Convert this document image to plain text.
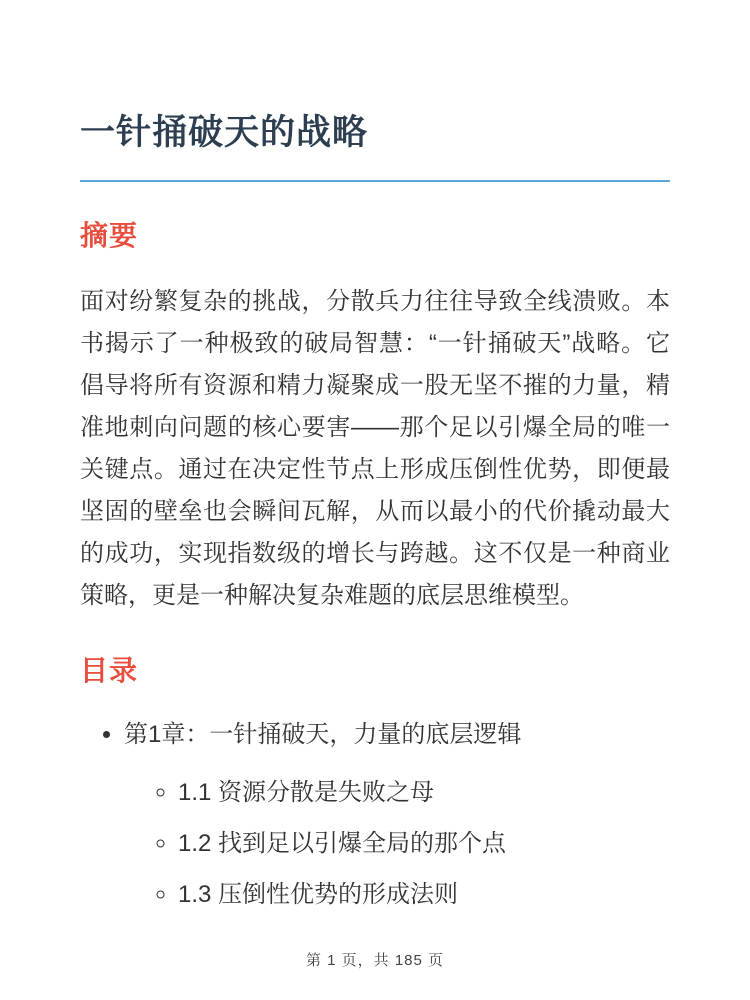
一针捅破天的战略
摘要

面对纷繁复杂的挑战，分散兵力往往导致全线溃败。本书揭示了一种极致的破局智慧：“一针捅破天”战略。它倡导将所有资源和精力凝聚成一股无坚不摧的力量，精准地刺向问题的核心要害——那个足以引爆全局的唯一关键点。通过在决定性节点上形成压倒性优势，即便最坚固的壁垒也会瞬间瓦解，从而以最小的代价撬动最大的成功，实现指数级的增长与跨越。这不仅是一种商业策略，更是一种解决复杂难题的底层思维模型。

目录
• 第1章：一针捅破天，力量的底层逻辑
◦ 1.1 资源分散是失败之母
◦ 1.2 找到足以引爆全局的那个点
◦ 1.3 压倒性优势的形成法则
第 1 页，共 185 页
